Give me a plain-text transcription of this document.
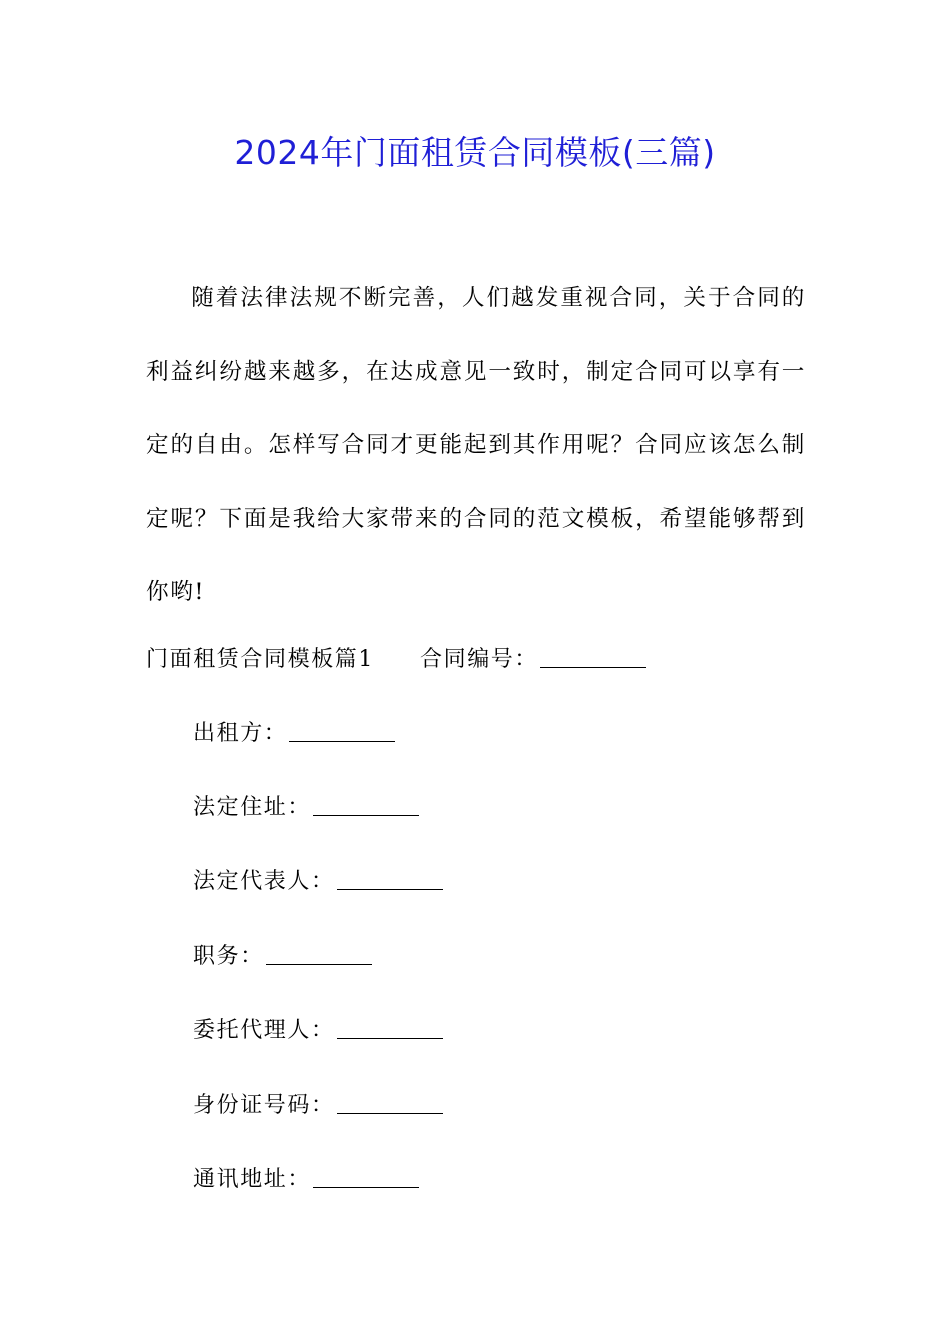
2024年门面租赁合同模板(三篇)

随着法律法规不断完善，人们越发重视合同，关于合同的利益纠纷越来越多，在达成意见一致时，制定合同可以享有一定的自由。怎样写合同才更能起到其作用呢？合同应该怎么制定呢？下面是我给大家带来的合同的范文模板，希望能够帮到你哟!

门面租赁合同模板篇1 合同编号：
出租方：
法定住址：
法定代表人：
职务：
委托代理人：
身份证号码：
通讯地址：
